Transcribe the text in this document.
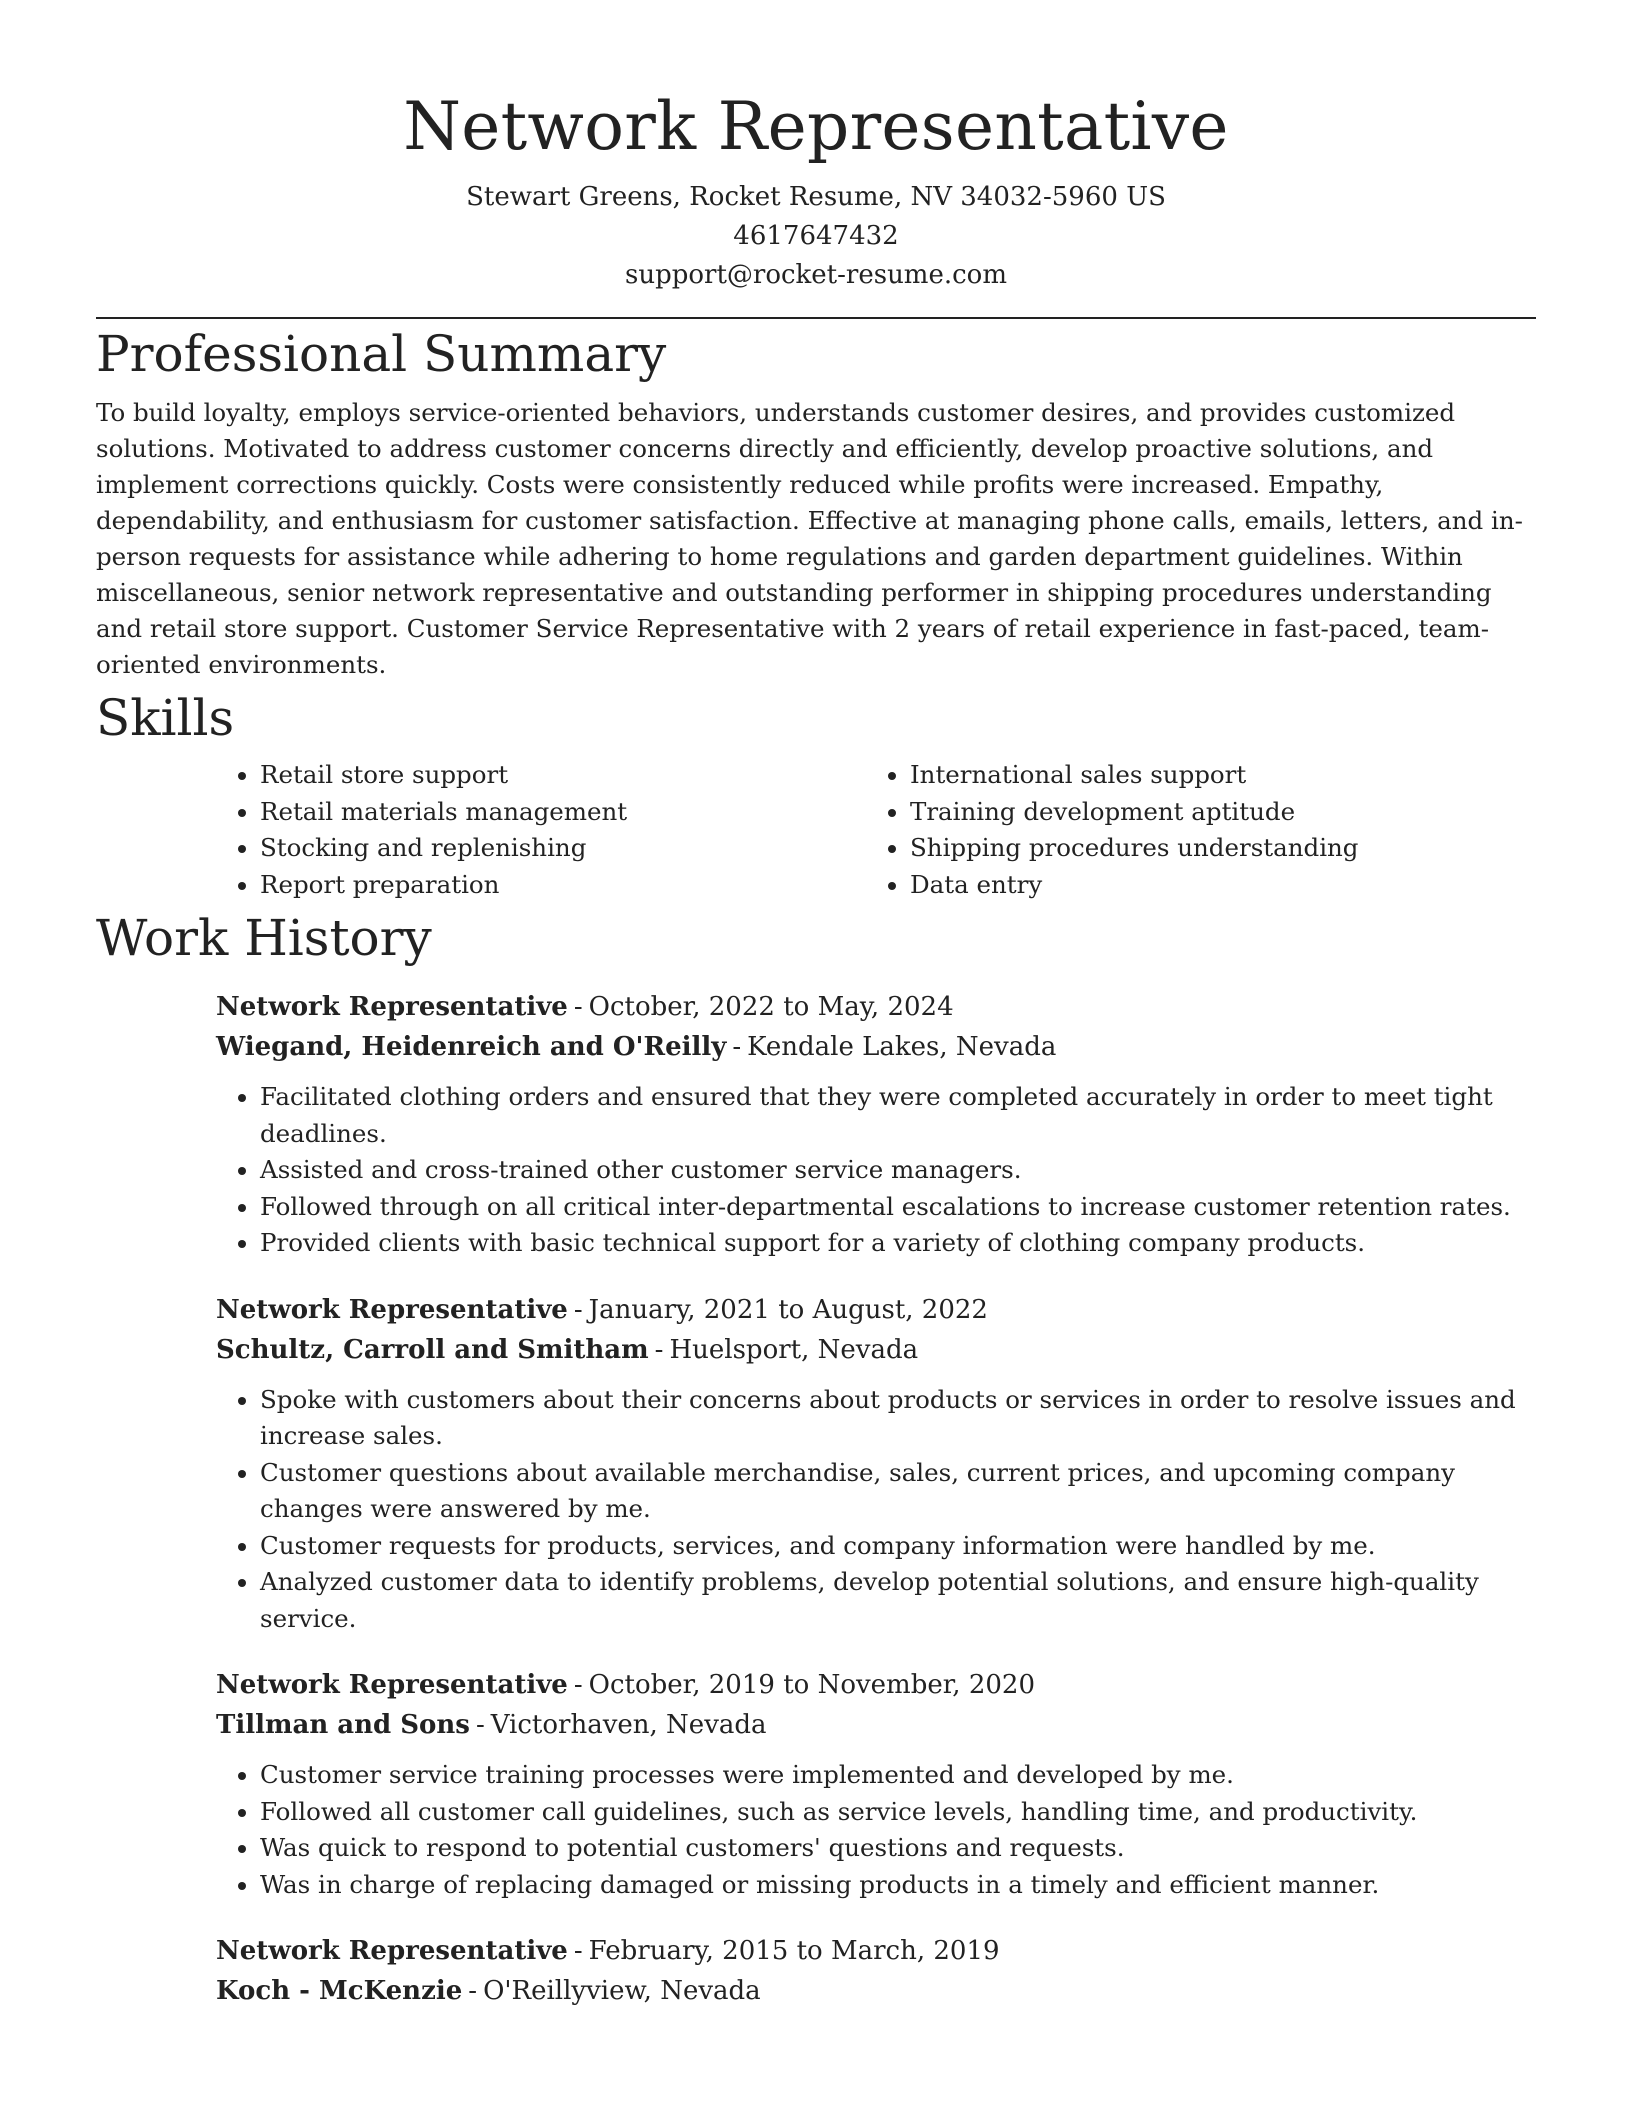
Network Representative

Stewart Greens, Rocket Resume, NV 34032-5960 US

4617647432

support@rocket-resume.com

Professional Summary

To build loyalty, employs service-oriented behaviors, understands customer desires, and provides customized solutions. Motivated to address customer concerns directly and efficiently, develop proactive solutions, and implement corrections quickly. Costs were consistently reduced while profits were increased. Empathy, dependability, and enthusiasm for customer satisfaction. Effective at managing phone calls, emails, letters, and in-person requests for assistance while adhering to home regulations and garden department guidelines. Within miscellaneous, senior network representative and outstanding performer in shipping procedures understanding and retail store support. Customer Service Representative with 2 years of retail experience in fast-paced, team-oriented environments.

Skills
• Retail store support
• Retail materials management
• Stocking and replenishing
• Report preparation
• International sales support
• Training development aptitude
• Shipping procedures understanding
• Data entry
Work History

Network Representative - October, 2022 to May, 2024

Wiegand, Heidenreich and O'Reilly - Kendale Lakes, Nevada

• Facilitated clothing orders and ensured that they were completed accurately in order to meet tight deadlines.
• Assisted and cross-trained other customer service managers.
• Followed through on all critical inter-departmental escalations to increase customer retention rates.
• Provided clients with basic technical support for a variety of clothing company products.

Network Representative - January, 2021 to August, 2022

Schultz, Carroll and Smitham - Huelsport, Nevada

• Spoke with customers about their concerns about products or services in order to resolve issues and increase sales.
• Customer questions about available merchandise, sales, current prices, and upcoming company changes were answered by me.
• Customer requests for products, services, and company information were handled by me.
• Analyzed customer data to identify problems, develop potential solutions, and ensure high-quality service.

Network Representative - October, 2019 to November, 2020

Tillman and Sons - Victorhaven, Nevada

• Customer service training processes were implemented and developed by me.
• Followed all customer call guidelines, such as service levels, handling time, and productivity.
• Was quick to respond to potential customers' questions and requests.
• Was in charge of replacing damaged or missing products in a timely and efficient manner.

Network Representative - February, 2015 to March, 2019

Koch - McKenzie - O'Reillyview, Nevada
